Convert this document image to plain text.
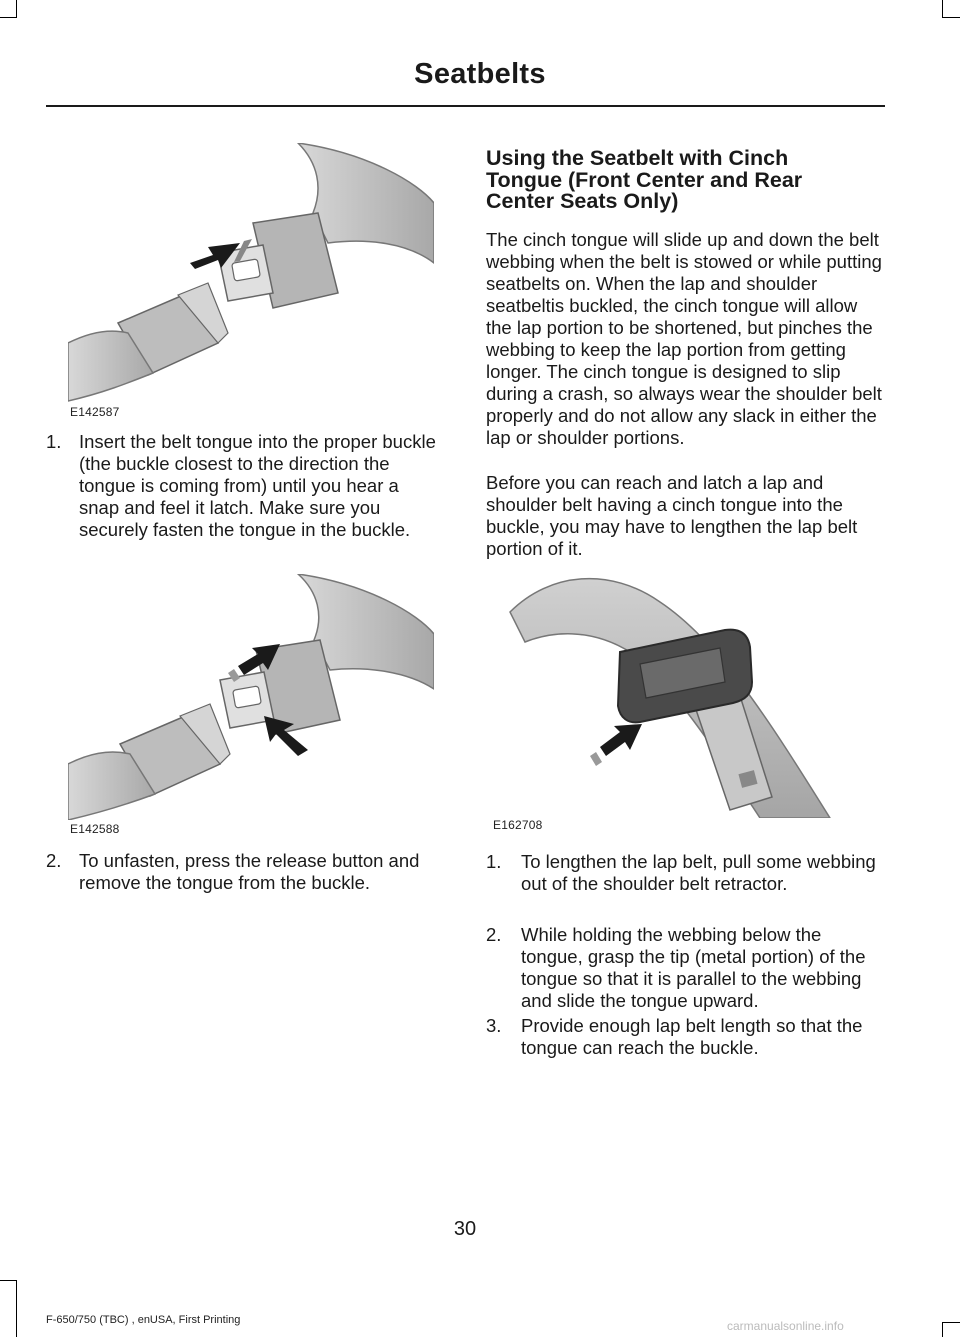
Seatbelts
E142587
1. Insert the belt tongue into the proper buckle (the buckle closest to the direction the tongue is coming from) until you hear a snap and feel it latch. Make sure you securely fasten the tongue in the buckle.
E142588
2. To unfasten, press the release button and remove the tongue from the buckle.
Using the Seatbelt with Cinch Tongue (Front Center and Rear Center Seats Only)
The cinch tongue will slide up and down the belt webbing when the belt is stowed or while putting seatbelts on. When the lap and shoulder seatbeltis buckled, the cinch tongue will allow the lap portion to be shortened, but pinches the webbing to keep the lap portion from getting longer. The cinch tongue is designed to slip during a crash, so always wear the shoulder belt properly and do not allow any slack in either the lap or shoulder portions.
Before you can reach and latch a lap and shoulder belt having a cinch tongue into the buckle, you may have to lengthen the lap belt portion of it.
E162708
1. To lengthen the lap belt, pull some webbing out of the shoulder belt retractor.
2. While holding the webbing below the tongue, grasp the tip (metal portion) of the tongue so that it is parallel to the webbing and slide the tongue upward.
3. Provide enough lap belt length so that the tongue can reach the buckle.
30
F-650/750 (TBC) , enUSA, First Printing	carmanualsonline.info
